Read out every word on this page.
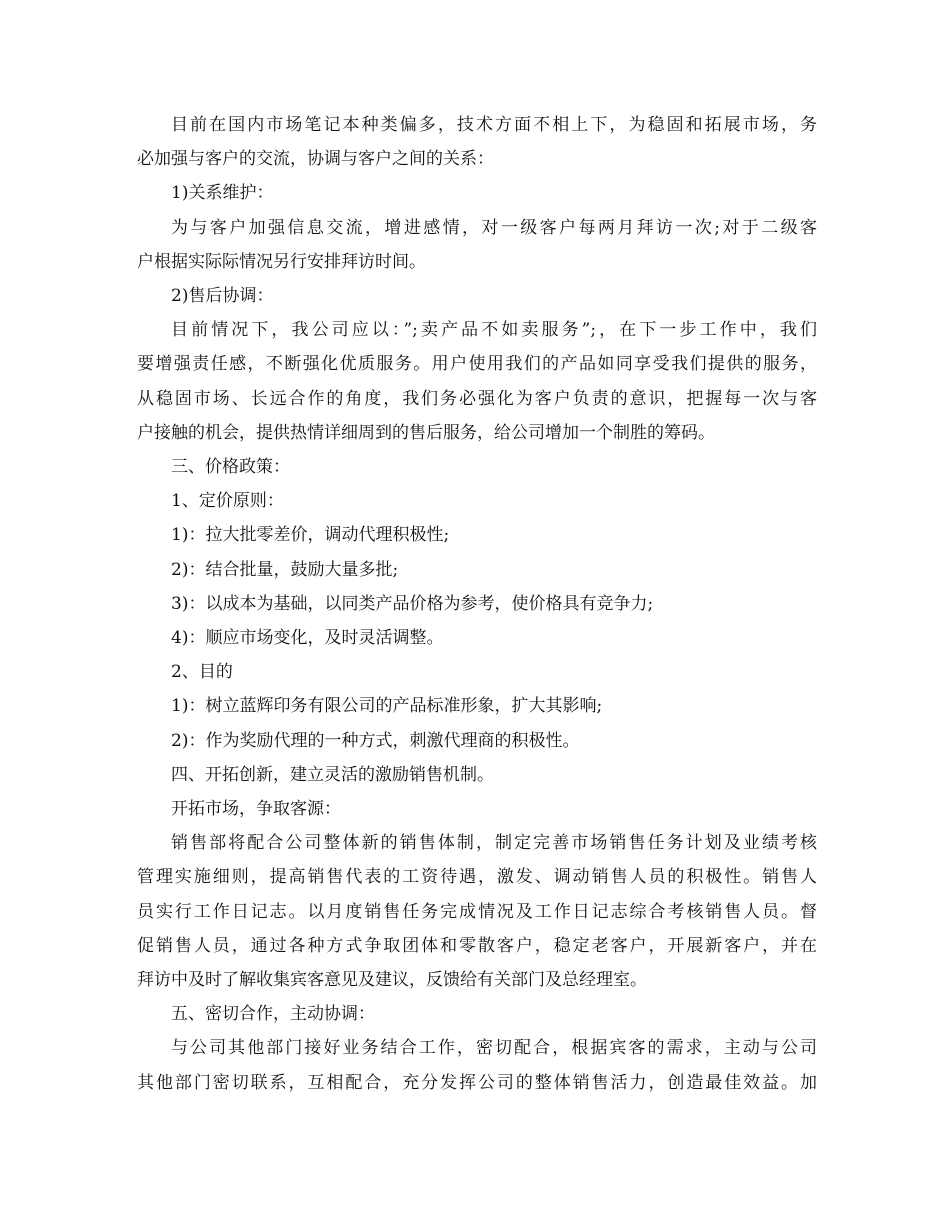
目前在国内市场笔记本种类偏多，技术方面不相上下，为稳固和拓展市场，务
必加强与客户的交流，协调与客户之间的关系：
1)关系维护：
为与客户加强信息交流，增进感情，对一级客户每两月拜访一次;对于二级客
户根据实际际情况另行安排拜访时间。
2)售后协调：
目前情况下，我公司应以：”;卖产品不如卖服务”;，在下一步工作中，我们
要增强责任感，不断强化优质服务。用户使用我们的产品如同享受我们提供的服务，
从稳固市场、长远合作的角度，我们务必强化为客户负责的意识，把握每一次与客
户接触的机会，提供热情详细周到的售后服务，给公司增加一个制胜的筹码。
三、价格政策：
1、定价原则：
1)：拉大批零差价，调动代理积极性;
2)：结合批量，鼓励大量多批;
3)：以成本为基础，以同类产品价格为参考，使价格具有竞争力;
4)：顺应市场变化，及时灵活调整。
2、目的
1)：树立蓝辉印务有限公司的产品标准形象，扩大其影响;
2)：作为奖励代理的一种方式，刺激代理商的积极性。
四、开拓创新，建立灵活的激励销售机制。
开拓市场，争取客源：
销售部将配合公司整体新的销售体制，制定完善市场销售任务计划及业绩考核
管理实施细则，提高销售代表的工资待遇，激发、调动销售人员的积极性。销售人
员实行工作日记志。以月度销售任务完成情况及工作日记志综合考核销售人员。督
促销售人员，通过各种方式争取团体和零散客户，稳定老客户，开展新客户，并在
拜访中及时了解收集宾客意见及建议，反馈给有关部门及总经理室。
五、密切合作，主动协调：
与公司其他部门接好业务结合工作，密切配合，根据宾客的需求，主动与公司
其他部门密切联系，互相配合，充分发挥公司的整体销售活力，创造最佳效益。加
